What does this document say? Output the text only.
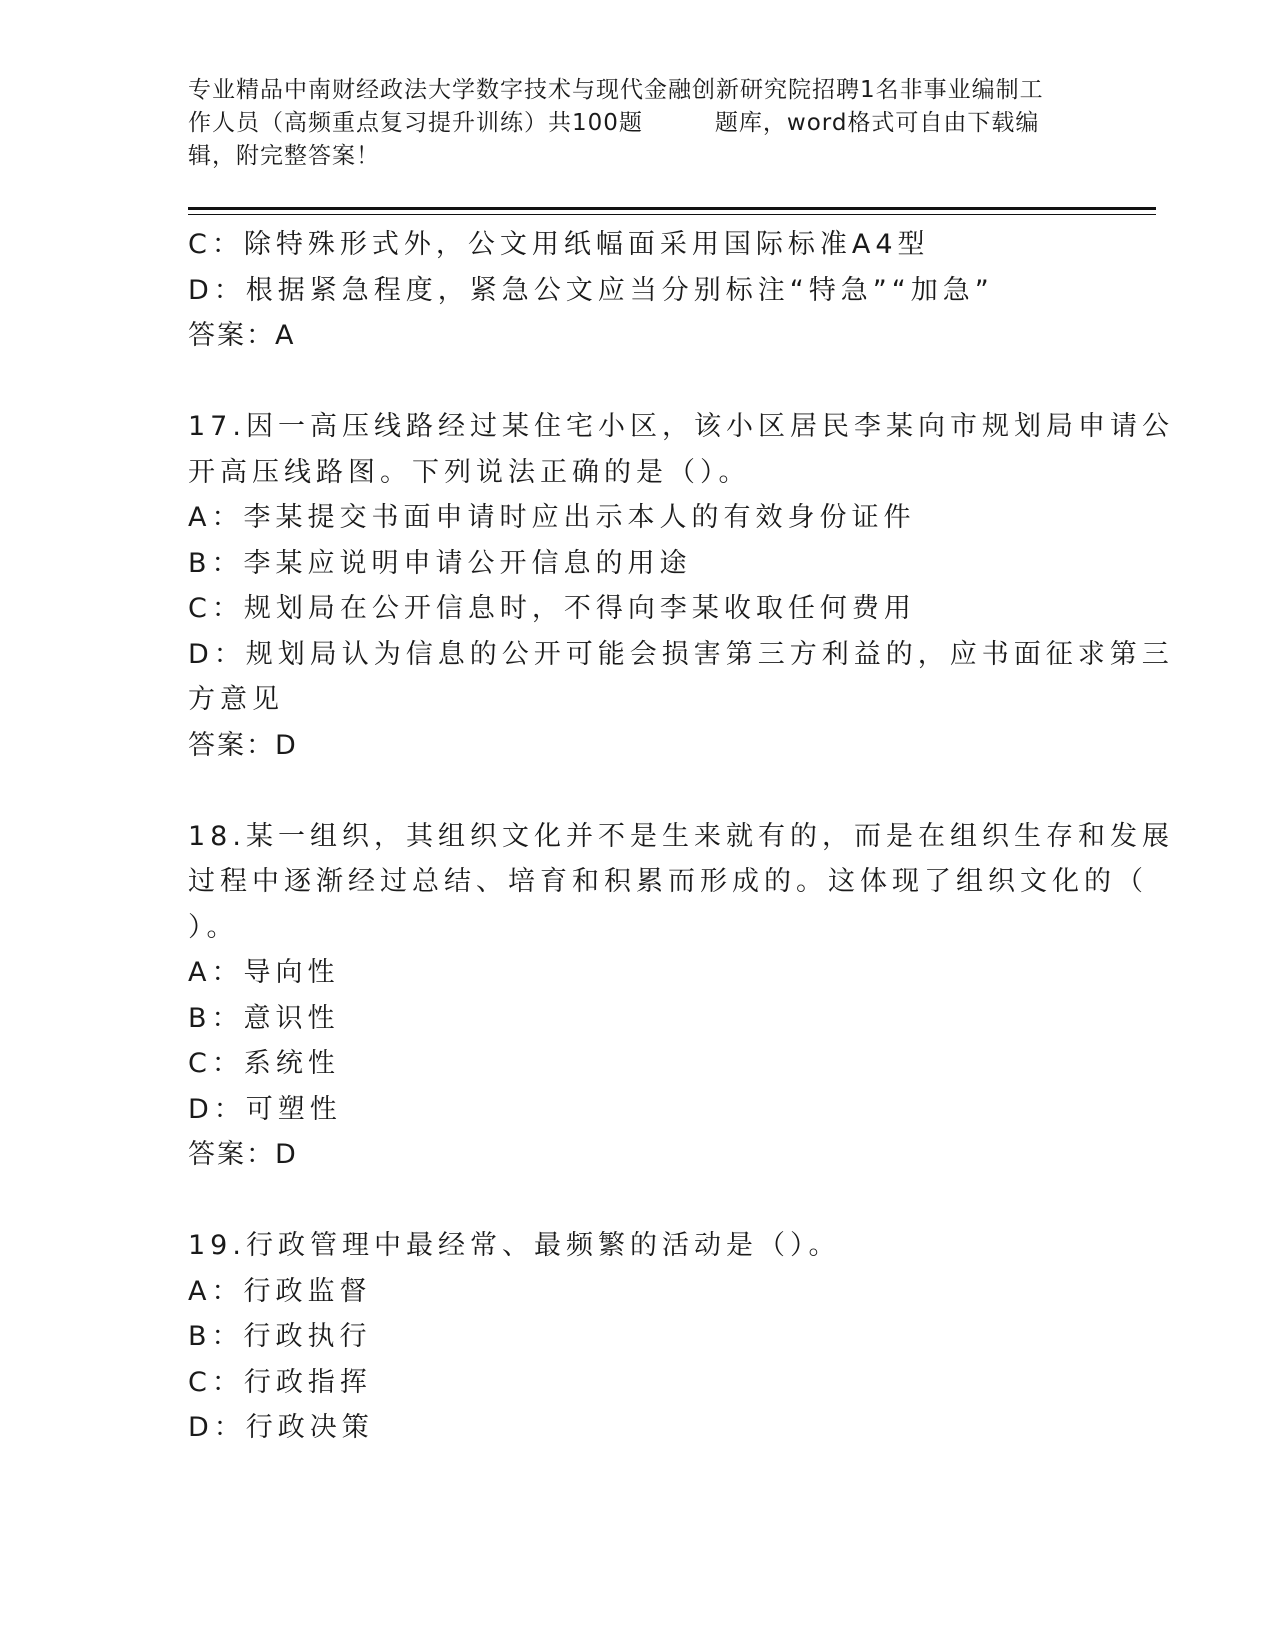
专业精品中南财经政法大学数字技术与现代金融创新研究院招聘1名非事业编制工
作人员（高频重点复习提升训练）共100题　　　题库，word格式可自由下载编
辑，附完整答案！
C：除特殊形式外，公文用纸幅面采用国际标准A4型
D：根据紧急程度，紧急公文应当分别标注“特急”“加急”
答案：A
17.因一高压线路经过某住宅小区，该小区居民李某向市规划局申请公
开高压线路图。下列说法正确的是（）。
A：李某提交书面申请时应出示本人的有效身份证件
B：李某应说明申请公开信息的用途
C：规划局在公开信息时，不得向李某收取任何费用
D：规划局认为信息的公开可能会损害第三方利益的，应书面征求第三
方意见
答案：D
18.某一组织，其组织文化并不是生来就有的，而是在组织生存和发展
过程中逐渐经过总结、培育和积累而形成的。这体现了组织文化的（
）。
A：导向性
B：意识性
C：系统性
D：可塑性
答案：D
19.行政管理中最经常、最频繁的活动是（）。
A：行政监督
B：行政执行
C：行政指挥
D：行政决策
